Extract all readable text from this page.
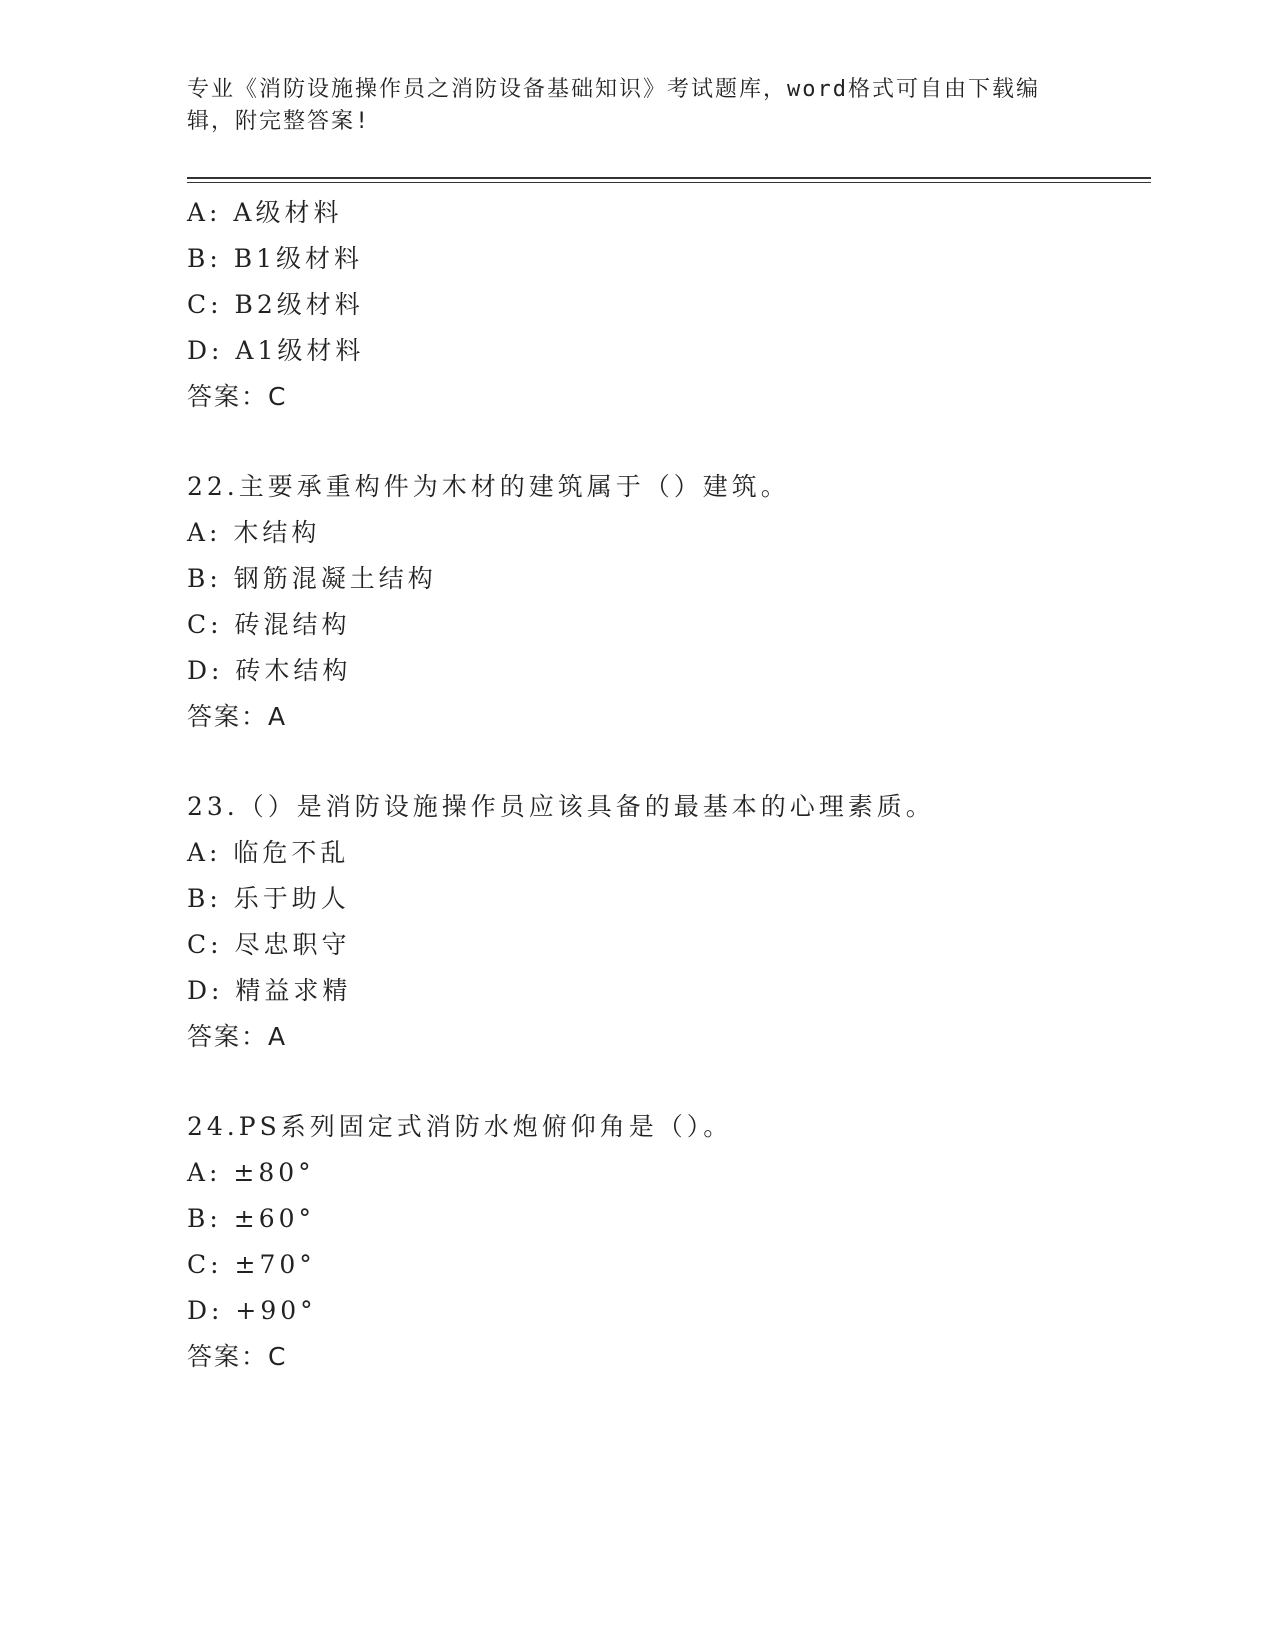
专业《消防设施操作员之消防设备基础知识》考试题库，word格式可自由下载编
辑，附完整答案!
A: A级材料
B: B1级材料
C: B2级材料
D: A1级材料
答案：C
22.主要承重构件为木材的建筑属于（）建筑。
A: 木结构
B: 钢筋混凝土结构
C: 砖混结构
D: 砖木结构
答案：A
23.（）是消防设施操作员应该具备的最基本的心理素质。
A: 临危不乱
B: 乐于助人
C: 尽忠职守
D: 精益求精
答案：A
24.PS系列固定式消防水炮俯仰角是（）。
A: ±80°
B: ±60°
C: ±70°
D: +90°
答案：C
